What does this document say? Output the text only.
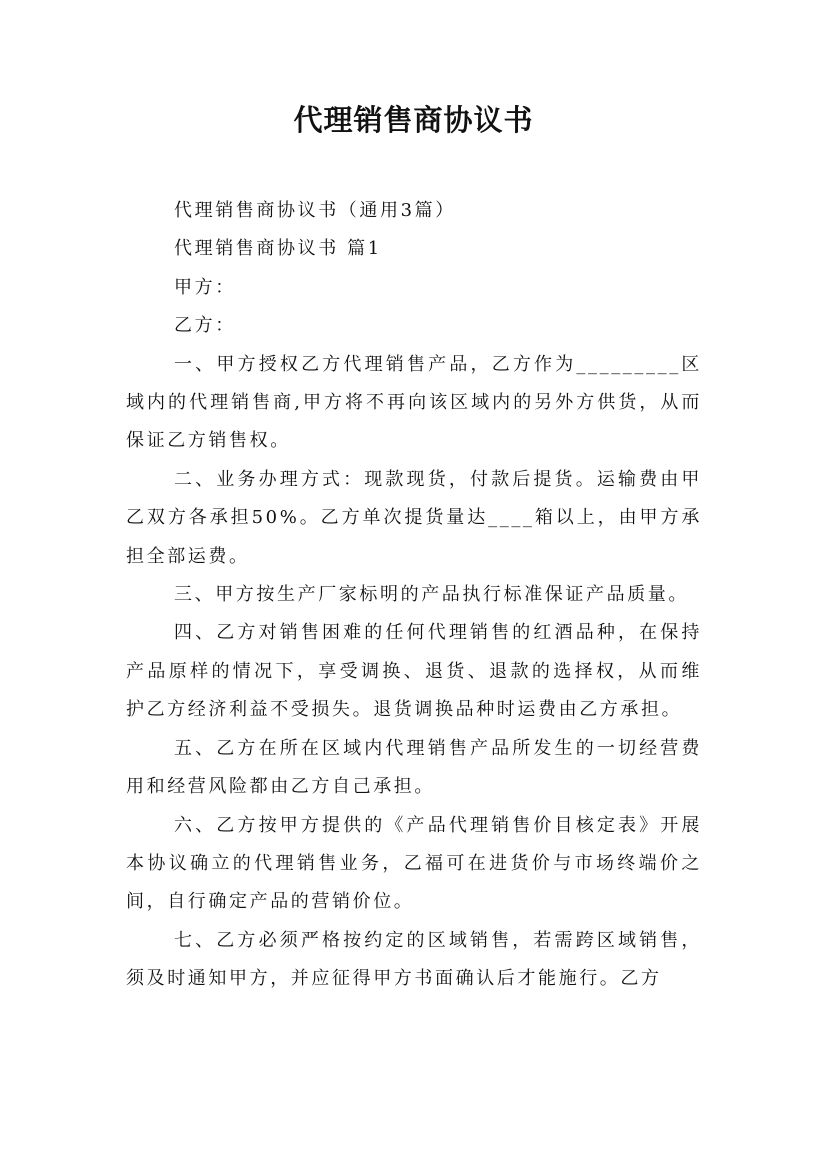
代理销售商协议书

代理销售商协议书（通用3篇）

代理销售商协议书 篇1

甲方：

乙方：

一、甲方授权乙方代理销售产品，乙方作为_________区域内的代理销售商,甲方将不再向该区域内的另外方供货，从而保证乙方销售权。

二、业务办理方式：现款现货，付款后提货。运输费由甲乙双方各承担50%。乙方单次提货量达____箱以上，由甲方承担全部运费。

三、甲方按生产厂家标明的产品执行标准保证产品质量。

四、乙方对销售困难的任何代理销售的红酒品种，在保持产品原样的情况下，享受调换、退货、退款的选择权，从而维护乙方经济利益不受损失。退货调换品种时运费由乙方承担。

五、乙方在所在区域内代理销售产品所发生的一切经营费用和经营风险都由乙方自己承担。

六、乙方按甲方提供的《产品代理销售价目核定表》开展本协议确立的代理销售业务，乙福可在进货价与市场终端价之间，自行确定产品的营销价位。

七、乙方必须严格按约定的区域销售，若需跨区域销售，须及时通知甲方，并应征得甲方书面确认后才能施行。乙方
